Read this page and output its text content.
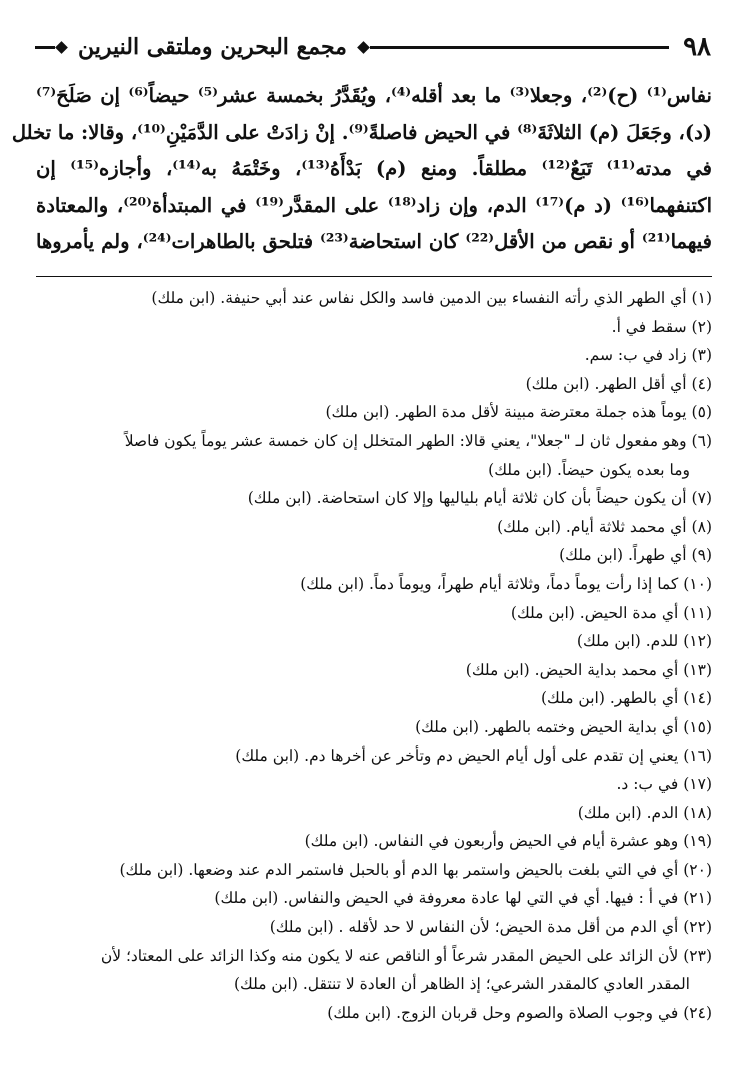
٩٨
مجمع البحرين وملتقى النيرين

نفاس⁽¹⁾ (ح)⁽²⁾، وجعلا⁽³⁾ ما بعد أقله⁽⁴⁾، ويُقَدَّرُ بخمسة عشر⁽⁵⁾ حيضاً⁽⁶⁾ إن صَلَحَ⁽⁷⁾
(د)، وجَعَلَ (م) الثلاثَةَ⁽⁸⁾ في الحيض فاصلةً⁽⁹⁾. إنْ زادَتْ على الدَّمَيْنِ⁽¹⁰⁾، وقالا: ما تخلل
في مدته⁽¹¹⁾ تَبَعٌ⁽¹²⁾ مطلقاً. ومنع (م) بَدْأَهُ⁽¹³⁾، وخَتْمَهُ به⁽¹⁴⁾، وأجازه⁽¹⁵⁾ إن
اكتنفهما⁽¹⁶⁾ (د م)⁽¹⁷⁾ الدم، وإن زاد⁽¹⁸⁾ على المقدَّر⁽¹⁹⁾ في المبتدأة⁽²⁰⁾، والمعتادة
فيهما⁽²¹⁾ أو نقص من الأقل⁽²²⁾ كان استحاضة⁽²³⁾ فتلحق بالطاهرات⁽²⁴⁾، ولم يأمروها

(١) أي الطهر الذي رأته النفساء بين الدمين فاسد والكل نفاس عند أبي حنيفة. (ابن ملك)
(٢) سقط في أ.
(٣) زاد في ب: سم.
(٤) أي أقل الطهر. (ابن ملك)
(٥) يوماً هذه جملة معترضة مبينة لأقل مدة الطهر. (ابن ملك)
(٦) وهو مفعول ثان لـ "جعلا"، يعني قالا: الطهر المتخلل إن كان خمسة عشر يوماً يكون فاصلاً
وما بعده يكون حيضاً. (ابن ملك)
(٧) أن يكون حيضاً بأن كان ثلاثة أيام بلياليها وإلا كان استحاضة. (ابن ملك)
(٨) أي محمد ثلاثة أيام. (ابن ملك)
(٩) أي طهراً. (ابن ملك)
(١٠) كما إذا رأت يوماً دماً، وثلاثة أيام طهراً، ويوماً دماً. (ابن ملك)
(١١) أي مدة الحيض. (ابن ملك)
(١٢) للدم. (ابن ملك)
(١٣) أي محمد بداية الحيض. (ابن ملك)
(١٤) أي بالطهر. (ابن ملك)
(١٥) أي بداية الحيض وختمه بالطهر. (ابن ملك)
(١٦) يعني إن تقدم على أول أيام الحيض دم وتأخر عن أخرها دم. (ابن ملك)
(١٧) في ب: د.
(١٨) الدم. (ابن ملك)
(١٩) وهو عشرة أيام في الحيض وأربعون في النفاس. (ابن ملك)
(٢٠) أي في التي بلغت بالحيض واستمر بها الدم أو بالحبل فاستمر الدم عند وضعها. (ابن ملك)
(٢١) في أ : فيها. أي في التي لها عادة معروفة في الحيض والنفاس. (ابن ملك)
(٢٢) أي الدم من أقل مدة الحيض؛ لأن النفاس لا حد لأقله . (ابن ملك)
(٢٣) لأن الزائد على الحيض المقدر شرعاً أو الناقص عنه لا يكون منه وكذا الزائد على المعتاد؛ لأن
المقدر العادي كالمقدر الشرعي؛ إذ الظاهر أن العادة لا تنتقل. (ابن ملك)
(٢٤) في وجوب الصلاة والصوم وحل قربان الزوج. (ابن ملك)
